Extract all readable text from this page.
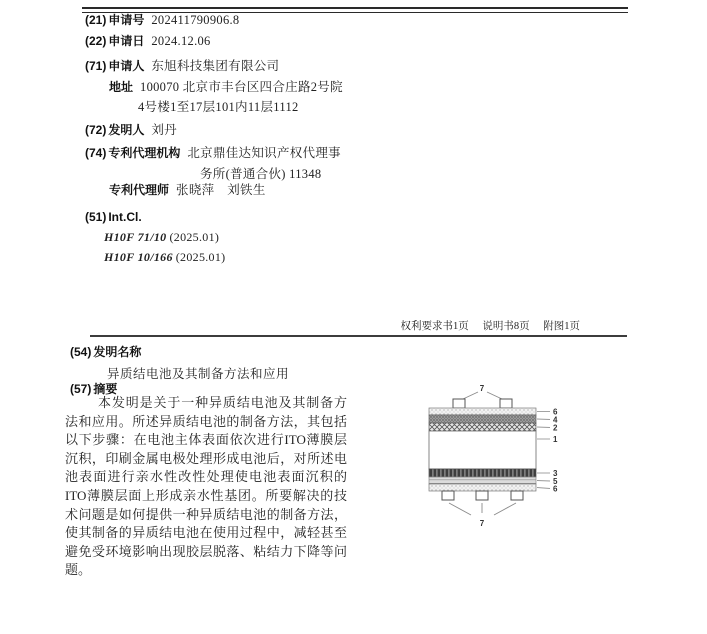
(21) 申请号 202411790906.8
(22) 申请日 2024.12.06
(71) 申请人 东旭科技集团有限公司
地址 100070 北京市丰台区四合庄路2号院
4号楼1至17层101内11层1112
(72) 发明人 刘丹
(74) 专利代理机构 北京鼎佳达知识产权代理事
务所(普通合伙) 11348
专利代理师 张晓萍　刘铁生
(51) Int.Cl.
H10F 71/10 (2025.01)
H10F 10/166 (2025.01)
权利要求书1页 说明书8页 附图1页
(54) 发明名称
异质结电池及其制备方法和应用
(57) 摘要
本发明是关于一种异质结电池及其制备方
法和应用。所述异质结电池的制备方法，其包括
以下步骤：在电池主体表面依次进行ITO薄膜层
沉积，印刷金属电极处理形成电池后，对所述电
池表面进行亲水性改性处理使电池表面沉积的
ITO薄膜层面上形成亲水性基团。所要解决的技
术问题是如何提供一种异质结电池的制备方法，
使其制备的异质结电池在使用过程中，减轻甚至
避免受环境影响出现胶层脱落、粘结力下降等问
题。
7
6
4
2
1
3
5
6
7
